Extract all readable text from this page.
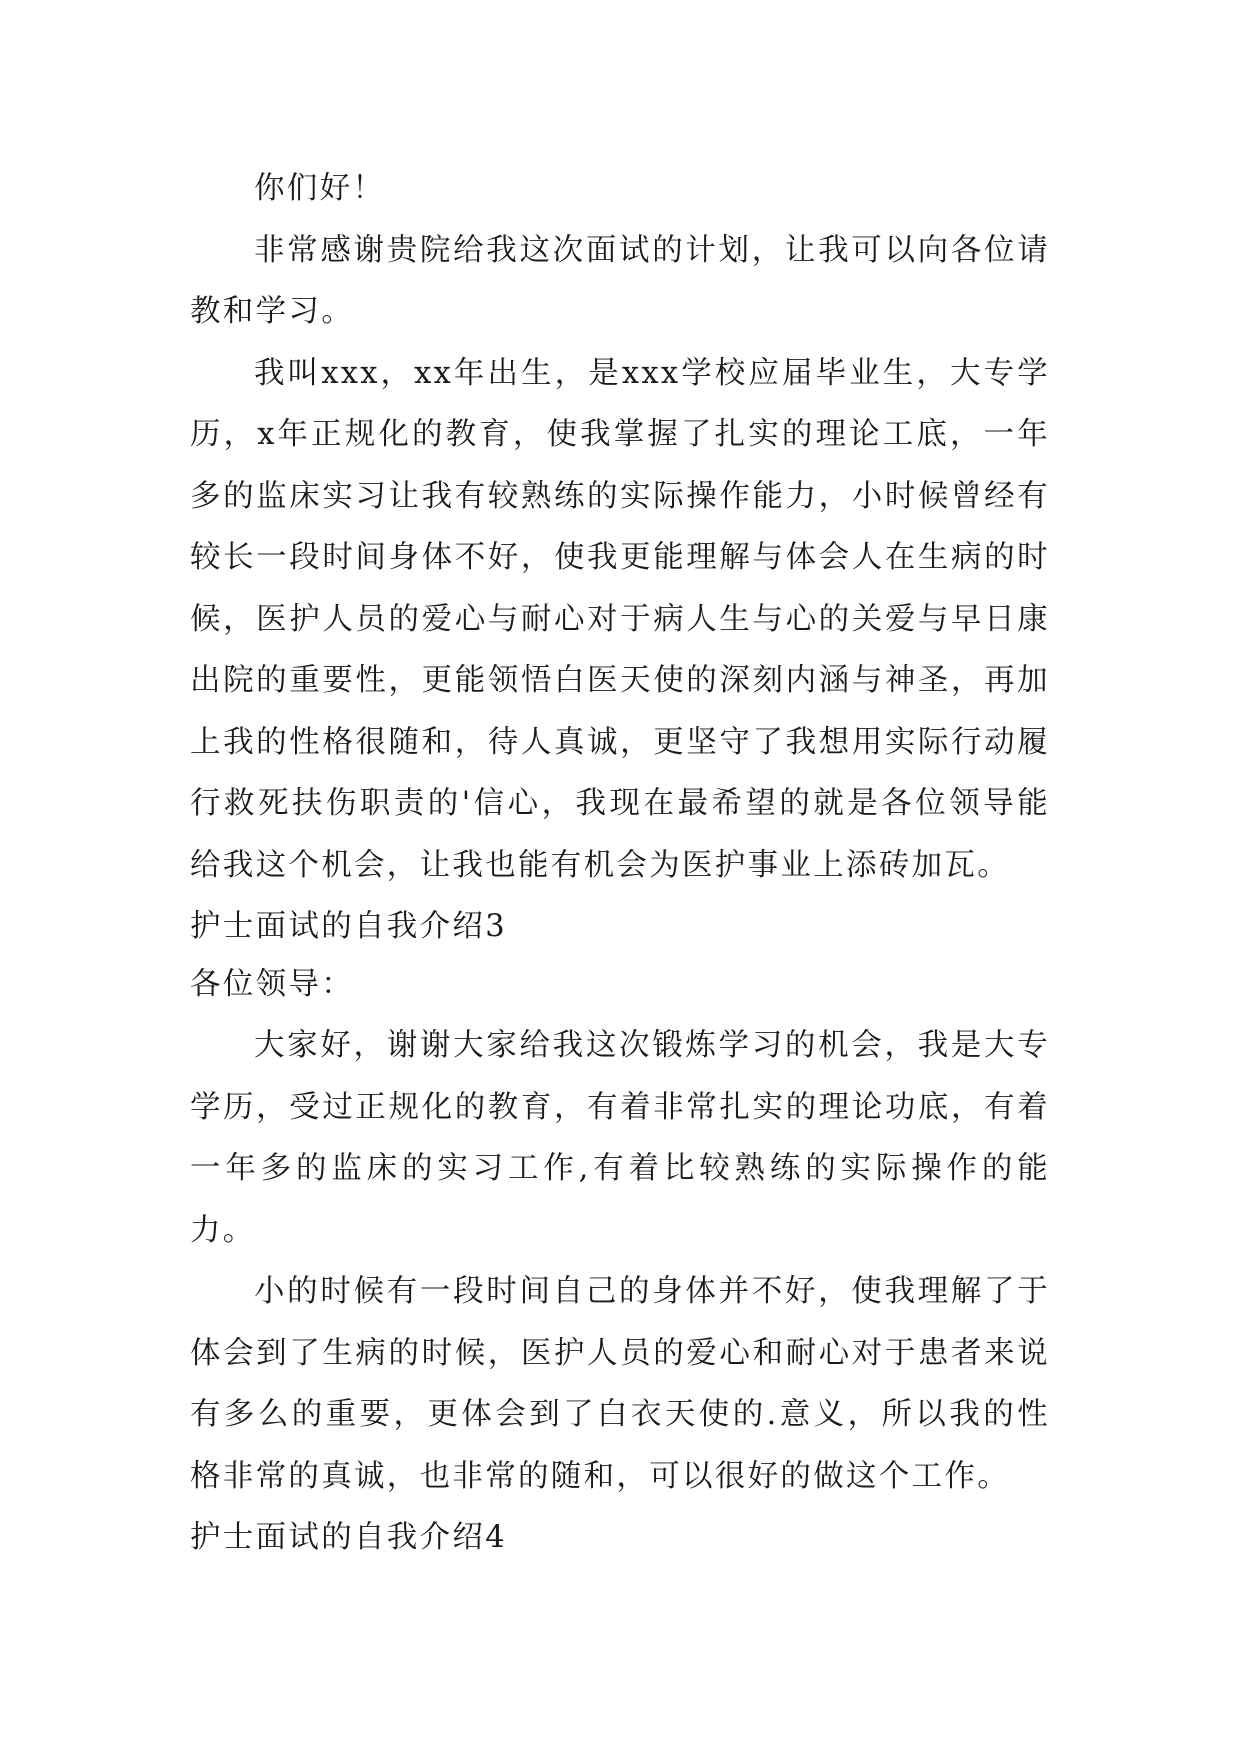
你们好！

非常感谢贵院给我这次面试的计划，让我可以向各位请教和学习。

我叫xxx，xx年出生，是xxx学校应届毕业生，大专学历，x年正规化的教育，使我掌握了扎实的理论工底，一年多的监床实习让我有较熟练的实际操作能力，小时候曾经有较长一段时间身体不好，使我更能理解与体会人在生病的时候，医护人员的爱心与耐心对于病人生与心的关爱与早日康出院的重要性，更能领悟白医天使的深刻内涵与神圣，再加上我的性格很随和，待人真诚，更坚守了我想用实际行动履行救死扶伤职责的'信心，我现在最希望的就是各位领导能给我这个机会，让我也能有机会为医护事业上添砖加瓦。

护士面试的自我介绍3

各位领导：

大家好，谢谢大家给我这次锻炼学习的机会，我是大专学历，受过正规化的教育，有着非常扎实的理论功底，有着一年多的监床的实习工作,有着比较熟练的实际操作的能力。

小的时候有一段时间自己的身体并不好，使我理解了于体会到了生病的时候，医护人员的爱心和耐心对于患者来说有多么的重要，更体会到了白衣天使的.意义，所以我的性格非常的真诚，也非常的随和，可以很好的做这个工作。

护士面试的自我介绍4
